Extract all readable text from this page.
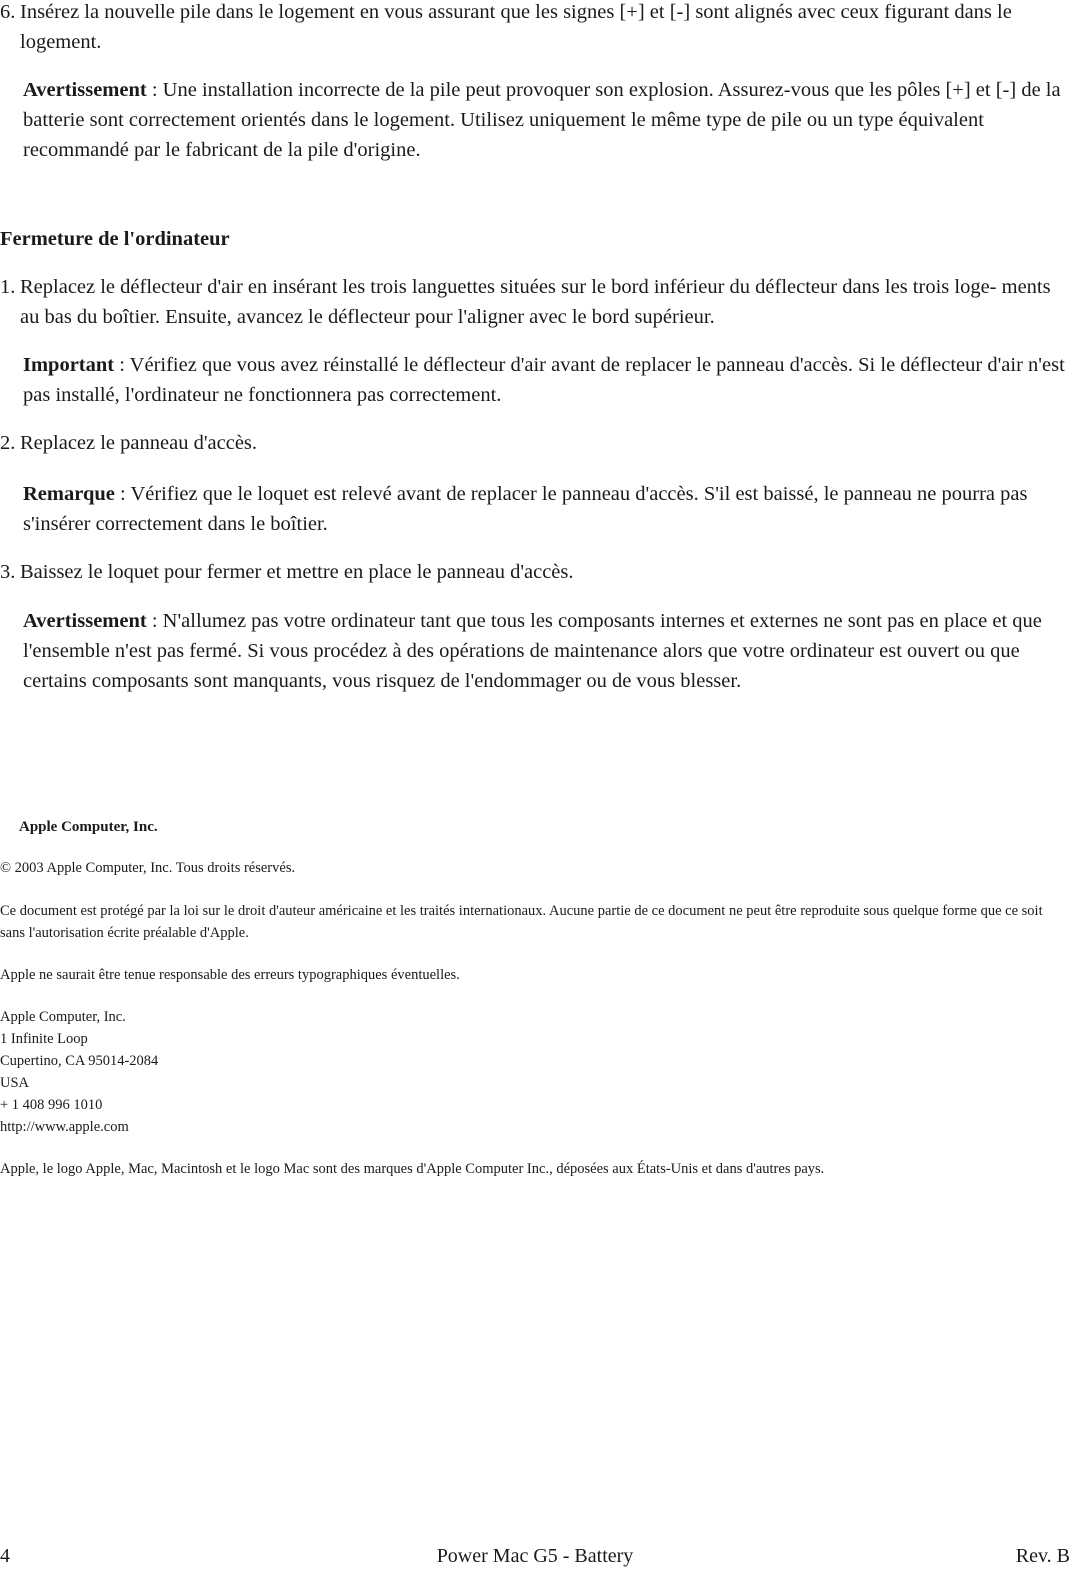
6. Insérez la nouvelle pile dans le logement en vous assurant que les signes [+] et [-] sont alignés avec ceux figurant dans le logement.
Avertissement : Une installation incorrecte de la pile peut provoquer son explosion. Assurez-vous que les pôles [+] et [-] de la batterie sont correctement orientés dans le logement. Utilisez uniquement le même type de pile ou un type équivalent recommandé par le fabricant de la pile d'origine.
Fermeture de l'ordinateur
1. Replacez le déflecteur d'air en insérant les trois languettes situées sur le bord inférieur du déflecteur dans les trois loge- ments au bas du boîtier. Ensuite, avancez le déflecteur pour l'aligner avec le bord supérieur.
Important : Vérifiez que vous avez réinstallé le déflecteur d'air avant de replacer le panneau d'accès. Si le déflecteur d'air n'est pas installé, l'ordinateur ne fonctionnera pas correctement.
2. Replacez le panneau d'accès.
Remarque : Vérifiez que le loquet est relevé avant de replacer le panneau d'accès. S'il est baissé, le panneau ne pourra pas s'insérer correctement dans le boîtier.
3. Baissez le loquet pour fermer et mettre en place le panneau d'accès.
Avertissement : N'allumez pas votre ordinateur tant que tous les composants internes et externes ne sont pas en place et que l'ensemble n'est pas fermé. Si vous procédez à des opérations de maintenance alors que votre ordinateur est ouvert ou que certains composants sont manquants, vous risquez de l'endommager ou de vous blesser.
Apple Computer, Inc.
© 2003 Apple Computer, Inc. Tous droits réservés.
Ce document est protégé par la loi sur le droit d'auteur américaine et les traités internationaux. Aucune partie de ce document ne peut être reproduite sous quelque forme que ce soit sans l'autorisation écrite préalable d'Apple.
Apple ne saurait être tenue responsable des erreurs typographiques éventuelles.
Apple Computer, Inc.
1 Infinite Loop
Cupertino, CA 95014-2084
USA
+ 1 408 996 1010
http://www.apple.com
Apple, le logo Apple, Mac, Macintosh et le logo Mac sont des marques d'Apple Computer Inc., déposées aux États-Unis et dans d'autres pays.
Power Mac G5 - Battery
4	Rev. B
